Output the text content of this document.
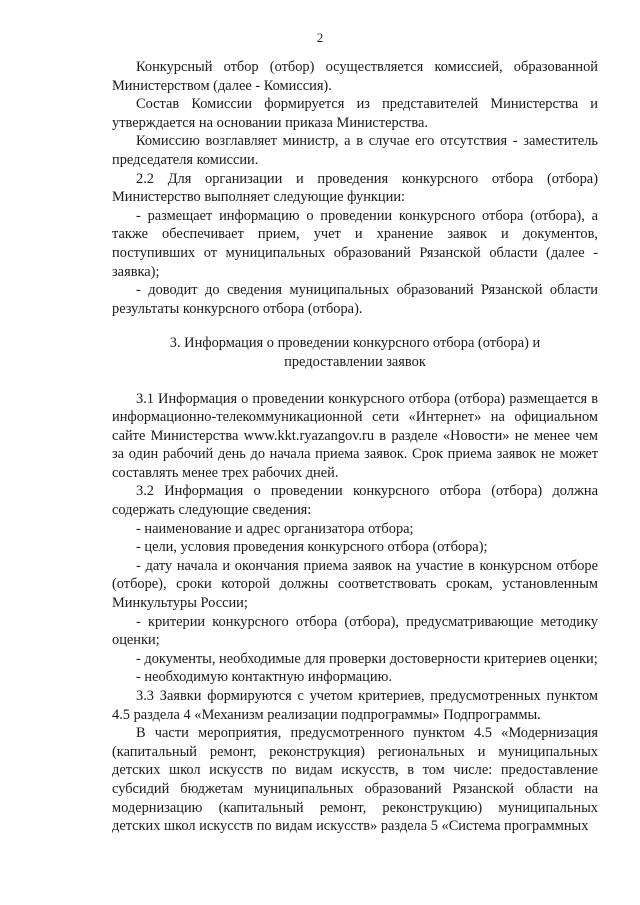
2

Конкурсный отбор (отбор) осуществляется комиссией, образованной Министерством (далее - Комиссия).

Состав Комиссии формируется из представителей Министерства и утверждается на основании приказа Министерства.

Комиссию возглавляет министр, а в случае его отсутствия - заместитель председателя комиссии.

2.2 Для организации и проведения конкурсного отбора (отбора) Министерство выполняет следующие функции:

- размещает информацию о проведении конкурсного отбора (отбора), а также обеспечивает прием, учет и хранение заявок и документов, поступивших от муниципальных образований Рязанской области (далее - заявка);

- доводит до сведения муниципальных образований Рязанской области результаты конкурсного отбора (отбора).

3. Информация о проведении конкурсного отбора (отбора) и
предоставлении заявок

3.1 Информация о проведении конкурсного отбора (отбора) размещается в информационно-телекоммуникационной сети «Интернет» на официальном сайте Министерства www.kkt.ryazangov.ru в разделе «Новости» не менее чем за один рабочий день до начала приема заявок. Срок приема заявок не может составлять менее трех рабочих дней.

3.2 Информация о проведении конкурсного отбора (отбора) должна содержать следующие сведения:

- наименование и адрес организатора отбора;

- цели, условия проведения конкурсного отбора (отбора);

- дату начала и окончания приема заявок на участие в конкурсном отборе (отборе), сроки которой должны соответствовать срокам, установленным Минкультуры России;

- критерии конкурсного отбора (отбора), предусматривающие методику оценки;

- документы, необходимые для проверки достоверности критериев оценки;

- необходимую контактную информацию.

3.3 Заявки формируются с учетом критериев, предусмотренных пунктом 4.5 раздела 4 «Механизм реализации подпрограммы» Подпрограммы.

В части мероприятия, предусмотренного пунктом 4.5 «Модернизация (капитальный ремонт, реконструкция) региональных и муниципальных детских школ искусств по видам искусств, в том числе: предоставление субсидий бюджетам муниципальных образований Рязанской области на модернизацию (капитальный ремонт, реконструкцию) муниципальных детских школ искусств по видам искусств» раздела 5 «Система программных
